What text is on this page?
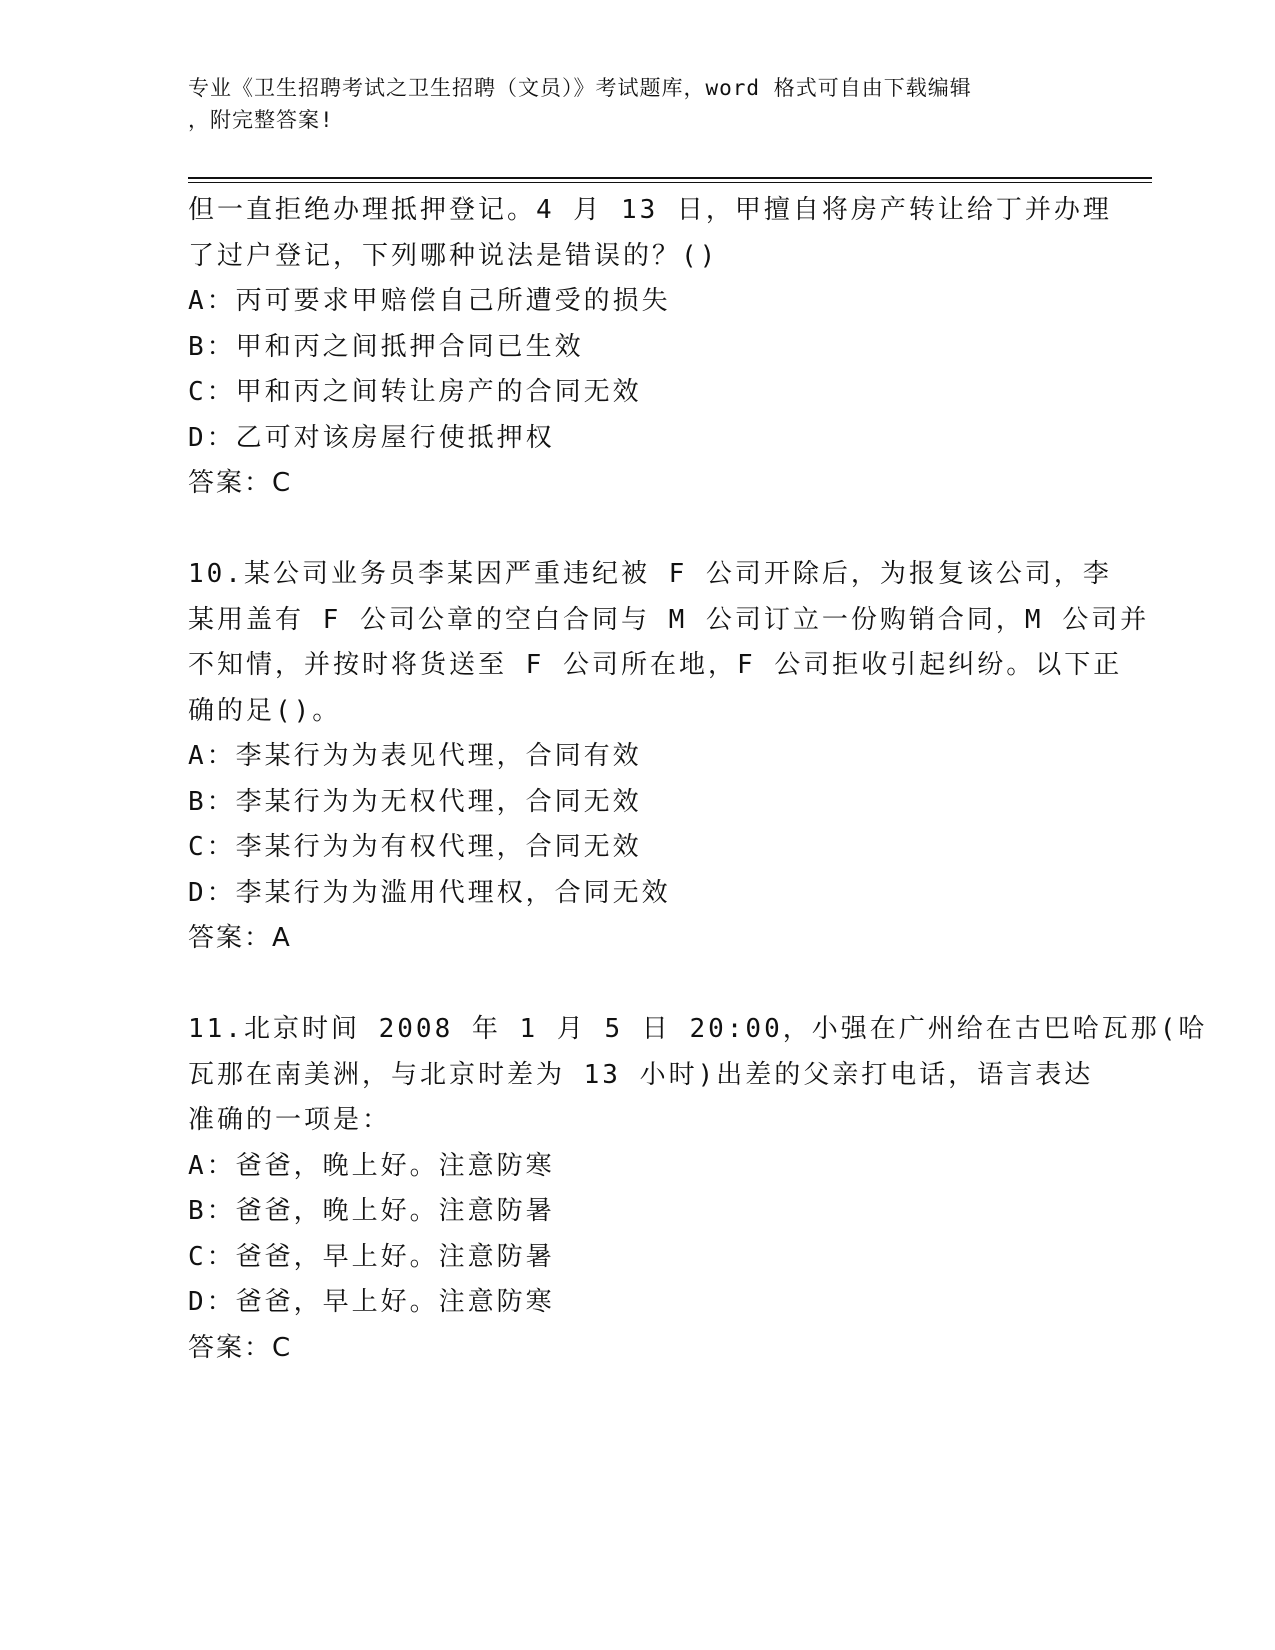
专业《卫生招聘考试之卫生招聘（文员）》考试题库，word 格式可自由下载编辑
，附完整答案!
但一直拒绝办理抵押登记。4 月 13 日，甲擅自将房产转让给丁并办理
了过户登记，下列哪种说法是错误的？()
A：丙可要求甲赔偿自己所遭受的损失
B：甲和丙之间抵押合同已生效
C：甲和丙之间转让房产的合同无效
D：乙可对该房屋行使抵押权
答案：C
10.某公司业务员李某因严重违纪被 F 公司开除后，为报复该公司，李
某用盖有 F 公司公章的空白合同与 M 公司订立一份购销合同，M 公司并
不知情，并按时将货送至 F 公司所在地，F 公司拒收引起纠纷。以下正
确的足()。
A：李某行为为表见代理，合同有效
B：李某行为为无权代理，合同无效
C：李某行为为有权代理，合同无效
D：李某行为为滥用代理权，合同无效
答案：A
11.北京时间 2008 年 1 月 5 日 20:00，小强在广州给在古巴哈瓦那(哈
瓦那在南美洲，与北京时差为 13 小时)出差的父亲打电话，语言表达
准确的一项是：
A：爸爸，晚上好。注意防寒
B：爸爸，晚上好。注意防暑
C：爸爸，早上好。注意防暑
D：爸爸，早上好。注意防寒
答案：C
